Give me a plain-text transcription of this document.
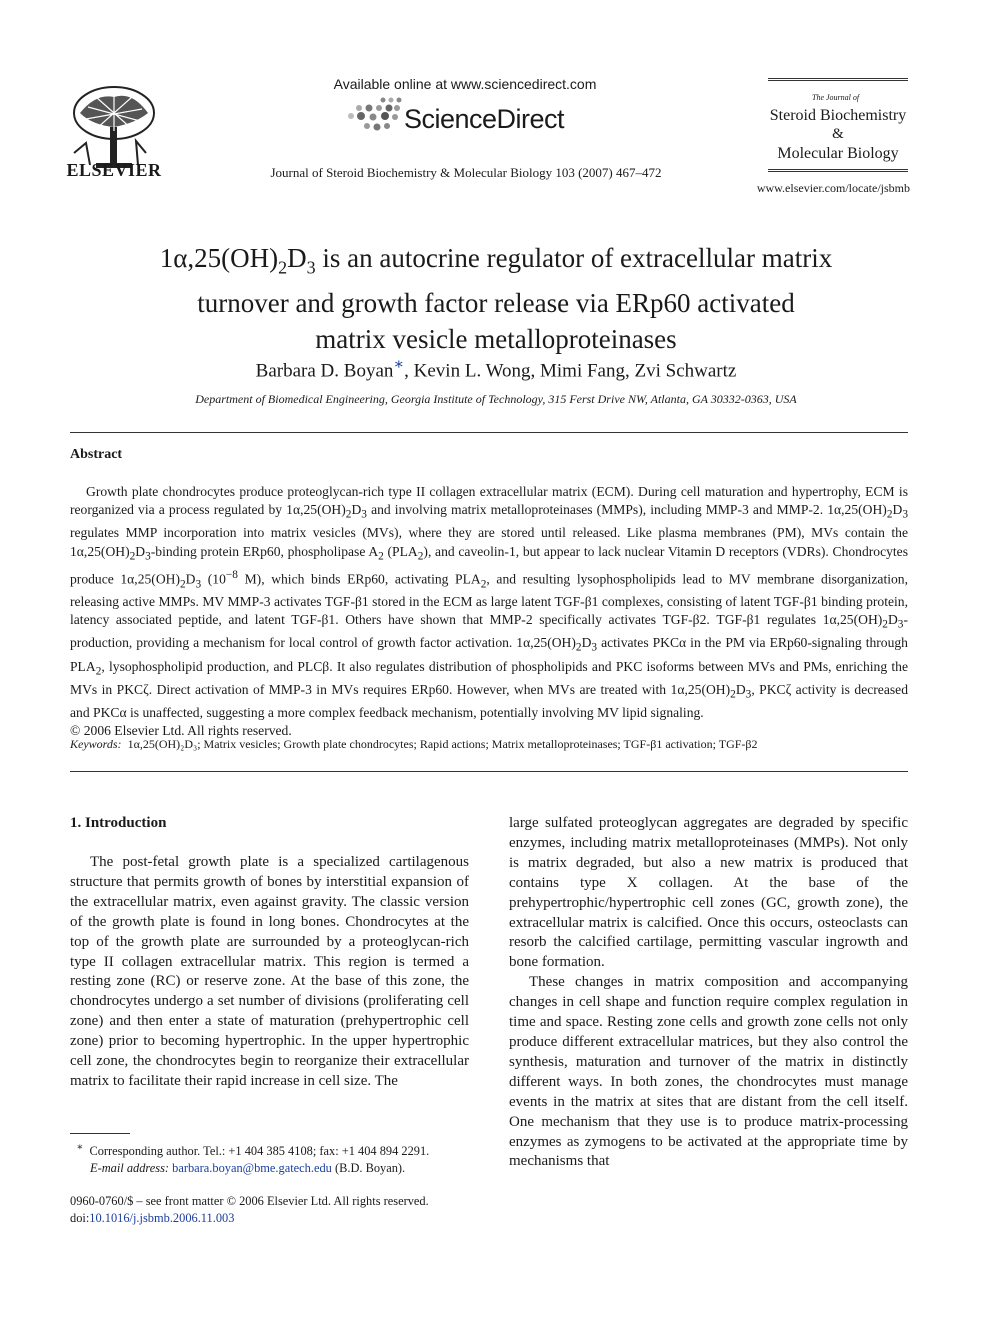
ELSEVIER
Available online at www.sciencedirect.com
ScienceDirect
Journal of Steroid Biochemistry & Molecular Biology 103 (2007) 467–472
The Journal of
Steroid Biochemistry
&
Molecular Biology
www.elsevier.com/locate/jsbmb
$1\alpha,25(OH)_2D_3$ is an autocrine regulator of extracellular matrix
turnover and growth factor release via ERp60 activated
matrix vesicle metalloproteinases
Barbara D. Boyan∗, Kevin L. Wong, Mimi Fang, Zvi Schwartz
Department of Biomedical Engineering, Georgia Institute of Technology, 315 Ferst Drive NW, Atlanta, GA 30332-0363, USA
Abstract

Growth plate chondrocytes produce proteoglycan-rich type II collagen extracellular matrix (ECM). During cell maturation and hypertrophy, ECM is reorganized via a process regulated by $1\alpha,25(OH)_2D_3$ and involving matrix metalloproteinases (MMPs), including MMP-3 and MMP-2. $1\alpha,25(OH)_2D_3$ regulates MMP incorporation into matrix vesicles (MVs), where they are stored until released. Like plasma membranes (PM), MVs contain the $1\alpha,25(OH)_2D_3$-binding protein ERp60, phospholipase $A_2$ $(PLA_2)$, and caveolin-1, but appear to lack nuclear Vitamin D receptors (VDRs). Chondrocytes produce $1\alpha,25(OH)_2D_3$ ($10^{-8}$ M), which binds ERp60, activating $PLA_2$, and resulting lysophospholipids lead to MV membrane disorganization, releasing active MMPs. MV MMP-3 activates TGF-β1 stored in the ECM as large latent TGF-β1 complexes, consisting of latent TGF-β1 binding protein, latency associated peptide, and latent TGF-β1. Others have shown that MMP-2 specifically activates TGF-β2. TGF-β1 regulates $1\alpha,25(OH)_2D_3$-production, providing a mechanism for local control of growth factor activation. $1\alpha,25(OH)_2D_3$ activates PKCα in the PM via ERp60-signaling through $PLA_2$, lysophospholipid production, and PLCβ. It also regulates distribution of phospholipids and PKC isoforms between MVs and PMs, enriching the MVs in PKCζ. Direct activation of MMP-3 in MVs requires ERp60. However, when MVs are treated with $1\alpha,25(OH)_2D_3$, PKCζ activity is decreased and PKCα is unaffected, suggesting a more complex feedback mechanism, potentially involving MV lipid signaling.

© 2006 Elsevier Ltd. All rights reserved.
Keywords: 1α,25(OH)₂D₃; Matrix vesicles; Growth plate chondrocytes; Rapid actions; Matrix metalloproteinases; TGF-β1 activation; TGF-β2
1. Introduction

The post-fetal growth plate is a specialized cartilagenous structure that permits growth of bones by interstitial expansion of the extracellular matrix, even against gravity. The classic version of the growth plate is found in long bones. Chondrocytes at the top of the growth plate are surrounded by a proteoglycan-rich type II collagen extracellular matrix. This region is termed a resting zone (RC) or reserve zone. At the base of this zone, the chondrocytes undergo a set number of divisions (proliferating cell zone) and then enter a state of maturation (prehypertrophic cell zone) prior to becoming hypertrophic. In the upper hypertrophic cell zone, the chondrocytes begin to reorganize their extracellular matrix to facilitate their rapid increase in cell size. The

large sulfated proteoglycan aggregates are degraded by specific enzymes, including matrix metalloproteinases (MMPs). Not only is matrix degraded, but also a new matrix is produced that contains type X collagen. At the base of the prehypertrophic/hypertrophic cell zones (GC, growth zone), the extracellular matrix is calcified. Once this occurs, osteoclasts can resorb the calcified cartilage, permitting vascular ingrowth and bone formation.

These changes in matrix composition and accompanying changes in cell shape and function require complex regulation in time and space. Resting zone cells and growth zone cells not only produce different extracellular matrices, but they also control the synthesis, maturation and turnover of the matrix in distinctly different ways. In both zones, the chondrocytes must manage events in the matrix at sites that are distant from the cell itself. One mechanism that they use is to produce matrix-processing enzymes as zymogens to be activated at the appropriate time by mechanisms that

∗ Corresponding author. Tel.: +1 404 385 4108; fax: +1 404 894 2291.
E-mail address: barbara.boyan@bme.gatech.edu (B.D. Boyan).
0960-0760/$ – see front matter © 2006 Elsevier Ltd. All rights reserved.
doi:10.1016/j.jsbmb.2006.11.003
